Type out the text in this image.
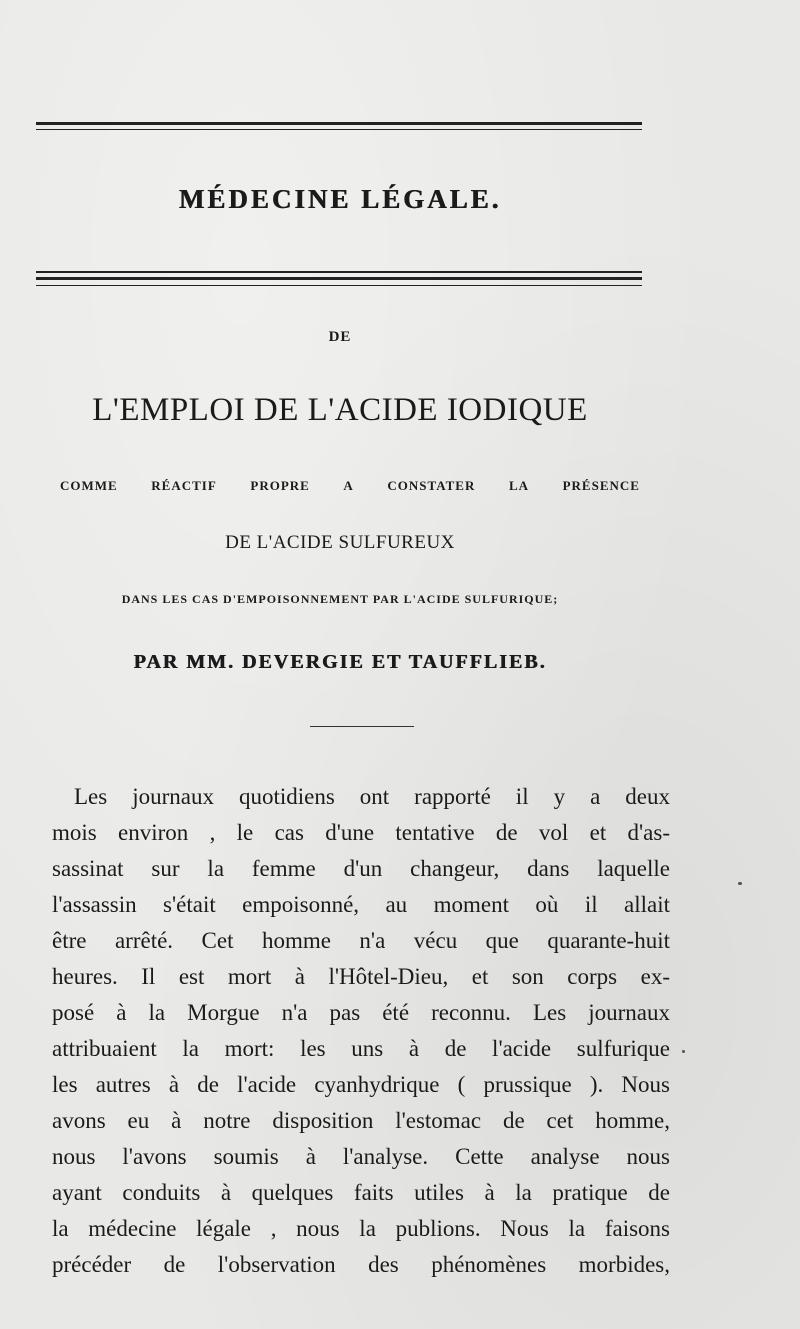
MÉDECINE LÉGALE.
DE
L'EMPLOI DE L'ACIDE IODIQUE
COMME	RÉACTIF	PROPRE	A	CONSTATER	LA	PRÉSENCE
DE L'ACIDE SULFUREUX
DANS LES CAS D'EMPOISONNEMENT PAR L'ACIDE SULFURIQUE;
PAR MM. DEVERGIE ET TAUFFLIEB.
Les journaux quotidiens ont rapporté il y a deux
mois environ , le cas d'une tentative de vol et d'as-
sassinat sur la femme d'un changeur, dans laquelle
l'assassin s'était empoisonné, au moment où il allait
être arrêté. Cet homme n'a vécu que quarante-huit
heures. Il est mort à l'Hôtel-Dieu, et son corps ex-
posé à la Morgue n'a pas été reconnu. Les journaux
attribuaient la mort: les uns à de l'acide sulfurique
les autres à de l'acide cyanhydrique ( prussique ). Nous
avons eu à notre disposition l'estomac de cet homme,
nous l'avons soumis à l'analyse. Cette analyse nous
ayant conduits à quelques faits utiles à la pratique de
la médecine légale , nous la publions. Nous la faisons
précéder de l'observation des phénomènes morbides,
